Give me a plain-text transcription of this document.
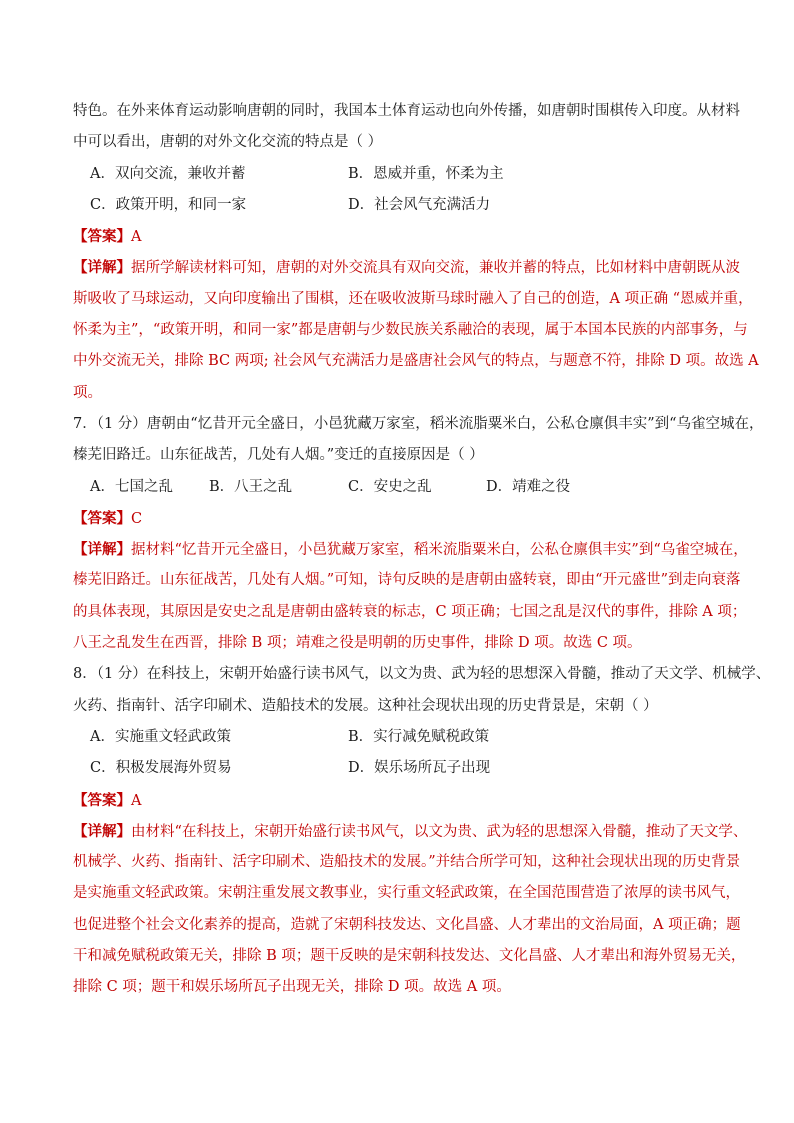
特色。在外来体育运动影响唐朝的同时，我国本土体育运动也向外传播，如唐朝时围棋传入印度。从材料
中可以看出，唐朝的对外文化交流的特点是（ ）
A．双向交流，兼收并蓄	B．恩威并重，怀柔为主
C．政策开明，和同一家	D．社会风气充满活力
【答案】A
【详解】据所学解读材料可知，唐朝的对外交流具有双向交流，兼收并蓄的特点，比如材料中唐朝既从波
斯吸收了马球运动，又向印度输出了围棋，还在吸收波斯马球时融入了自己的创造，A 项正确 “恩威并重，
怀柔为主”，“政策开明，和同一家”都是唐朝与少数民族关系融洽的表现，属于本国本民族的内部事务，与
中外交流无关，排除 BC 两项; 社会风气充满活力是盛唐社会风气的特点，与题意不符，排除 D 项。故选 A
项。
7．（1 分）唐朝由“忆昔开元全盛日，小邑犹藏万家室，稻米流脂粟米白，公私仓廪俱丰实”到“乌雀空城在，
榛芜旧路迁。山东征战苦，几处有人烟。”变迁的直接原因是（ ）
A．七国之乱	B．八王之乱	C．安史之乱	D．靖难之役
【答案】C
【详解】据材料“忆昔开元全盛日，小邑犹藏万家室，稻米流脂粟米白，公私仓廪俱丰实”到“乌雀空城在，
榛芜旧路迁。山东征战苦，几处有人烟。”可知，诗句反映的是唐朝由盛转衰，即由“开元盛世”到走向衰落
的具体表现，其原因是安史之乱是唐朝由盛转衰的标志，C 项正确；七国之乱是汉代的事件，排除 A 项；
八王之乱发生在西晋，排除 B 项；靖难之役是明朝的历史事件，排除 D 项。故选 C 项。
8．（1 分）在科技上，宋朝开始盛行读书风气，以文为贵、武为轻的思想深入骨髓，推动了天文学、机械学、
火药、指南针、活字印刷术、造船技术的发展。这种社会现状出现的历史背景是，宋朝（ ）
A．实施重文轻武政策	B．实行减免赋税政策
C．积极发展海外贸易	D．娱乐场所瓦子出现
【答案】A
【详解】由材料“在科技上，宋朝开始盛行读书风气，以文为贵、武为轻的思想深入骨髓，推动了天文学、
机械学、火药、指南针、活字印刷术、造船技术的发展。”并结合所学可知，这种社会现状出现的历史背景
是实施重文轻武政策。宋朝注重发展文教事业，实行重文轻武政策，在全国范围营造了浓厚的读书风气，
也促进整个社会文化素养的提高，造就了宋朝科技发达、文化昌盛、人才辈出的文治局面，A 项正确；题
干和减免赋税政策无关，排除 B 项；题干反映的是宋朝科技发达、文化昌盛、人才辈出和海外贸易无关，
排除 C 项；题干和娱乐场所瓦子出现无关，排除 D 项。故选 A 项。
